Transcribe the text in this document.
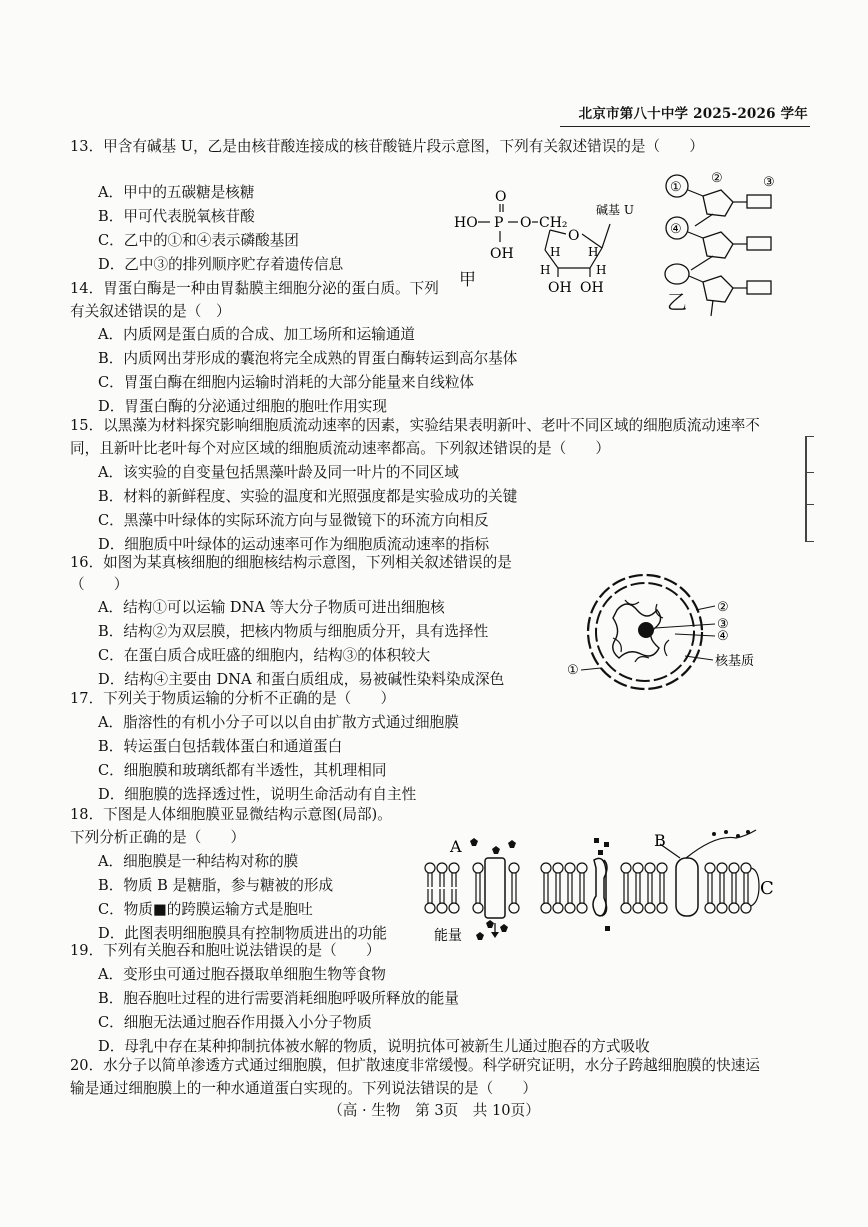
北京市第八十中学 2025-2026 学年
13．甲含有碱基 U，乙是由核苷酸连接成的核苷酸链片段示意图，下列有关叙述错误的是（　　）
A．甲中的五碳糖是核糖
B．甲可代表脱氧核苷酸
C．乙中的①和④表示磷酸基团
D．乙中③的排列顺序贮存着遗传信息
O
HO P O CH₂
OH
O
H H
H	H
OH OH
碱基 U
甲
①
②	③
④
乙
14．胃蛋白酶是一种由胃黏膜主细胞分泌的蛋白质。下列
有关叙述错误的是（　）
A．内质网是蛋白质的合成、加工场所和运输通道
B．内质网出芽形成的囊泡将完全成熟的胃蛋白酶转运到高尔基体
C．胃蛋白酶在细胞内运输时消耗的大部分能量来自线粒体
D．胃蛋白酶的分泌通过细胞的胞吐作用实现
15．以黑藻为材料探究影响细胞质流动速率的因素，实验结果表明新叶、老叶不同区域的细胞质流动速率不
同，且新叶比老叶每个对应区域的细胞质流动速率都高。下列叙述错误的是（　　）
A．该实验的自变量包括黑藻叶龄及同一叶片的不同区域
B．材料的新鲜程度、实验的温度和光照强度都是实验成功的关键
C．黑藻中叶绿体的实际环流方向与显微镜下的环流方向相反
D．细胞质中叶绿体的运动速率可作为细胞质流动速率的指标
16．如图为某真核细胞的细胞核结构示意图，下列相关叙述错误的是
（　　）
A．结构①可以运输 DNA 等大分子物质可进出细胞核
B．结构②为双层膜，把核内物质与细胞质分开，具有选择性
C．在蛋白质合成旺盛的细胞内，结构③的体积较大
D．结构④主要由 DNA 和蛋白质组成，易被碱性染料染成深色
②
③
④
核基质
①
17．下列关于物质运输的分析不正确的是（　　）
A．脂溶性的有机小分子可以以自由扩散方式通过细胞膜
B．转运蛋白包括载体蛋白和通道蛋白
C．细胞膜和玻璃纸都有半透性，其机理相同
D．细胞膜的选择透过性，说明生命活动有自主性
18．下图是人体细胞膜亚显微结构示意图(局部)。
下列分析正确的是（　　）
A．细胞膜是一种结构对称的膜
B．物质 B 是糖脂，参与糖被的形成
C．物质■的跨膜运输方式是胞吐
D．此图表明细胞膜具有控制物质进出的功能
A	B
C
能量
19．下列有关胞吞和胞吐说法错误的是（　　）
A．变形虫可通过胞吞摄取单细胞生物等食物
B．胞吞胞吐过程的进行需要消耗细胞呼吸所释放的能量
C．细胞无法通过胞吞作用摄入小分子物质
D．母乳中存在某种抑制抗体被水解的物质，说明抗体可被新生儿通过胞吞的方式吸收
20．水分子以简单渗透方式通过细胞膜，但扩散速度非常缓慢。科学研究证明，水分子跨越细胞膜的快速运
输是通过细胞膜上的一种水通道蛋白实现的。下列说法错误的是（　　）
（高 · 生物　第 3页　共 10页）
